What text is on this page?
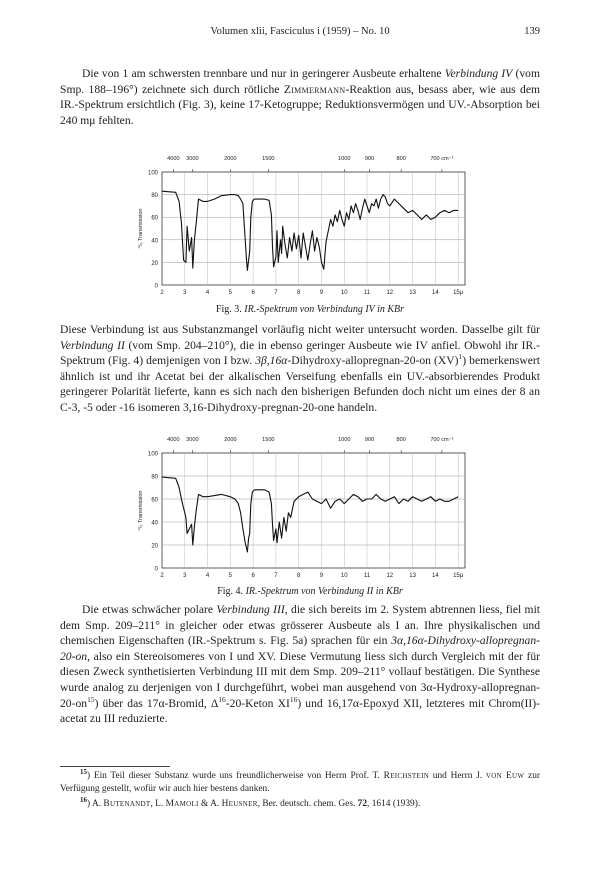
Volumen xlii, Fasciculus i (1959) – No. 10	139

Die von 1 am schwersten trennbare und nur in geringerer Ausbeute erhaltene Verbindung IV (vom Smp. 188–196°) zeichnete sich durch rötliche Zimmermann-Reaktion aus, besass aber, wie aus dem IR.-Spektrum ersichtlich (Fig. 3), keine 17-Ketogruppe; Reduktionsvermögen und UV.-Absorption bei 240 mμ fehlten.

Fig. 3. IR.-Spektrum von Verbindung IV in KBr
100
80
60
40
20
0
2	3	4	5	6	7	8	9	10	11	12	13	14 15μ
4000 3000	2000	1500	1000	900	800	700 cm⁻¹
⁰/₀ Transmission

Diese Verbindung ist aus Substanzmangel vorläufig nicht weiter untersucht worden. Dasselbe gilt für Verbindung II (vom Smp. 204–210°), die in ebenso geringer Ausbeute wie IV anfiel. Obwohl ihr IR.-Spektrum (Fig. 4) demjenigen von I bzw. 3β,16α-Dihydroxy-allopregnan-20-on (XV)$^1$) bemerkenswert ähnlich ist und ihr Acetat bei der alkalischen Verseifung ebenfalls ein UV.-absorbierendes Produkt geringerer Polarität lieferte, kann es sich nach den bisherigen Befunden doch nicht um eines der 8 an C-3, -5 oder -16 isomeren 3,16-Dihydroxy-pregnan-20-one handeln.

Fig. 4. IR.-Spektrum von Verbindung II in KBr
100
80
60
40
20
0
2	3	4	5	6	7	8	9	10	11	12	13	14 15μ
4000 3000	2000	1500	1000	900	800	700 cm⁻¹
⁰/₀ Transmission

Die etwas schwächer polare Verbindung III, die sich bereits im 2. System abtrennen liess, fiel mit dem Smp. 209–211° in gleicher oder etwas grösserer Ausbeute als I an. Ihre physikalischen und chemischen Eigenschaften (IR.-Spektrum s. Fig. 5a) sprachen für ein 3α,16α-Dihydroxy-allopregnan-20-on, also ein Stereoisomeres von I und XV. Diese Vermutung liess sich durch Vergleich mit der für diesen Zweck synthetisierten Verbindung III mit dem Smp. 209–211° vollauf bestätigen. Die Synthese wurde analog zu derjenigen von I durchgeführt, wobei man ausgehend von $3\alpha-Hydroxy-allopregnan-20-on^{15}$) über das 17α-Bromid, $\Delta^{16}-20$-Keton XI$^{16}$) und 16,17α-Epoxyd XII, letzteres mit Chrom(II)-acetat zu III reduzierte.

$^{15}$) Ein Teil dieser Substanz wurde uns freundlicherweise von Herrn Prof. T. Reichstein und Herrn J. von Euw zur Verfügung gestellt, wofür wir auch hier bestens danken.

$^{16}$) A. Butenandt, L. Mamoli & A. Heusner, Ber. deutsch. chem. Ges. 72, 1614 (1939).
